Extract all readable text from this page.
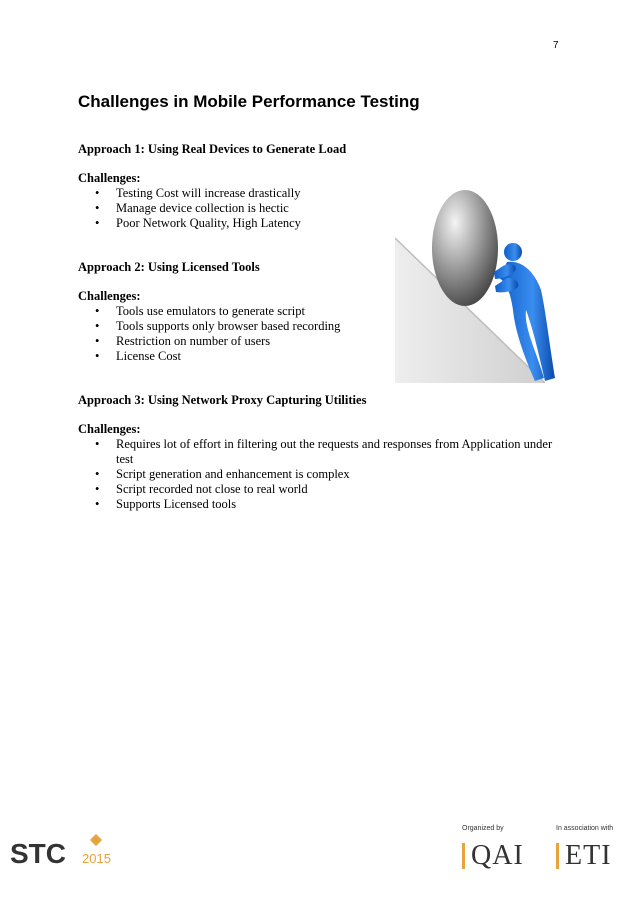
7
Challenges in Mobile Performance Testing

Approach 1: Using Real Devices to Generate Load

Challenges:

• Testing Cost will increase drastically
• Manage device collection is hectic
• Poor Network Quality, High Latency

Approach 2: Using Licensed Tools

Challenges:

• Tools use emulators to generate script
• Tools supports only browser based recording
• Restriction on number of users
• License Cost

Approach 3: Using Network Proxy Capturing Utilities

Challenges:

• Requires lot of effort in filtering out the requests and responses from Application under test
• Script generation and enhancement is complex
• Script recorded not close to real world
• Supports Licensed tools
STC 2015
Organized by
QAI
In association with
ETI
